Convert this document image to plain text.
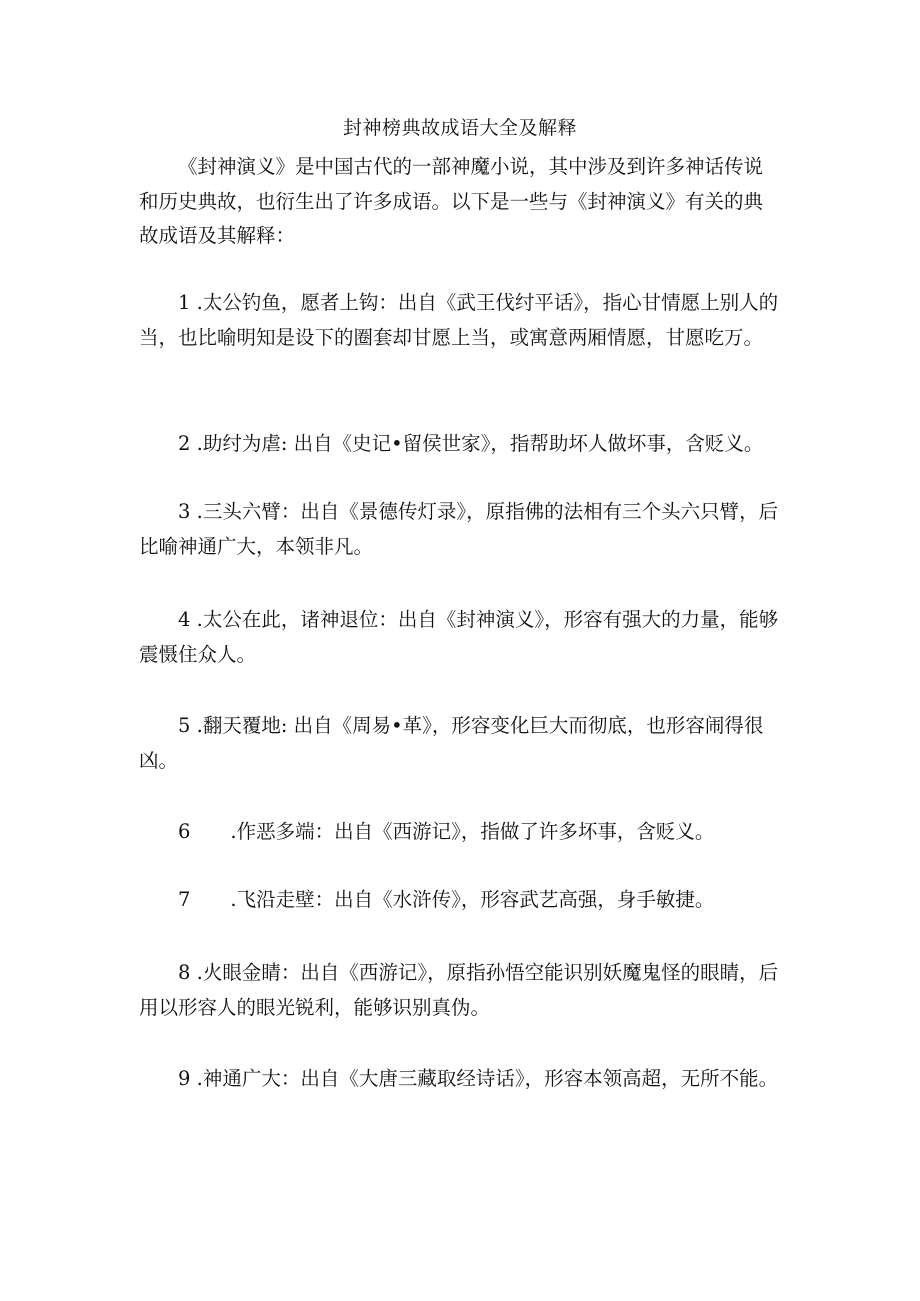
封神榜典故成语大全及解释

《封神演义》是中国古代的一部神魔小说，其中涉及到许多神话传说和历史典故，也衍生出了许多成语。以下是一些与《封神演义》有关的典故成语及其解释：

1 .太公钓鱼，愿者上钩：出自《武王伐纣平话》，指心甘情愿上别人的当，也比喻明知是设下的圈套却甘愿上当，或寓意两厢情愿，甘愿吃万。

2 .助纣为虐: 出自《史记•留侯世家》，指帮助坏人做坏事，含贬义。

3 .三头六臂：出自《景德传灯录》，原指佛的法相有三个头六只臂，后比喻神通广大，本领非凡。

4 .太公在此，诸神退位：出自《封神演义》，形容有强大的力量，能够震慑住众人。

5 .翻天覆地: 出自《周易•革》，形容变化巨大而彻底，也形容闹得很凶。

6 .作恶多端：出自《西游记》，指做了许多坏事，含贬义。

7 .飞沿走壁：出自《水浒传》，形容武艺高强，身手敏捷。

8 .火眼金睛：出自《西游记》，原指孙悟空能识别妖魔鬼怪的眼睛，后用以形容人的眼光锐利，能够识别真伪。

9 .神通广大：出自《大唐三藏取经诗话》，形容本领高超，无所不能。
